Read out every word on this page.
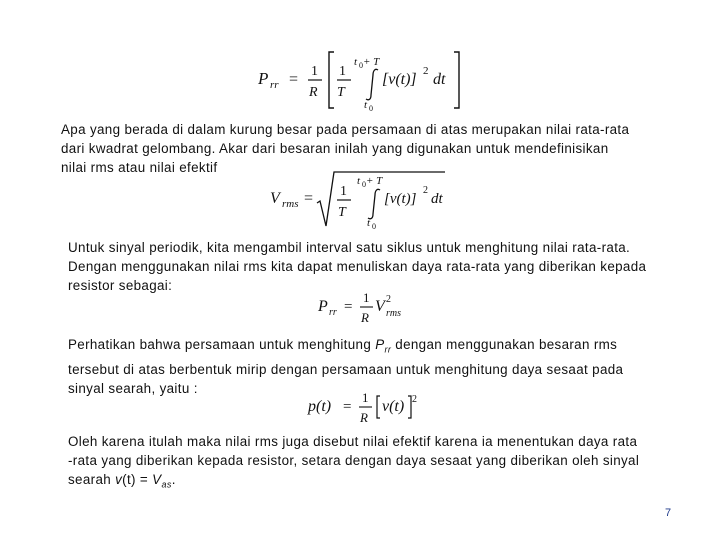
P rr = 1
R
1
T
t 0 + T
t 0
[v(t)] 2 dt
Apa yang berada di dalam kurung besar pada persamaan di atas merupakan nilai rata-rata
dari kwadrat gelombang. Akar dari besaran inilah yang digunakan untuk mendefinisikan
nilai rms atau nilai efektif
V rms = 1
T
t 0 + T
t 0
[v(t)]
2
dt
Untuk sinyal periodik, kita mengambil interval satu siklus untuk menghitung nilai rata-rata.
Dengan menggunakan nilai rms kita dapat menuliskan daya rata-rata yang diberikan kepada
resistor sebagai:
P rr =
1
R
V 2
rms
Perhatikan bahwa persamaan untuk menghitung $P_{rr}$ dengan menggunakan besaran rms
tersebut di atas berbentuk mirip dengan persamaan untuk menghitung daya sesaat pada
sinyal searah, yaitu :
p(t) =
1
R
v(t) 2
Oleh karena itulah maka nilai rms juga disebut nilai efektif karena ia menentukan daya rata
-rata yang diberikan kepada resistor, setara dengan daya sesaat yang diberikan oleh sinyal
searah $v(t) = V_{as}$.
7
